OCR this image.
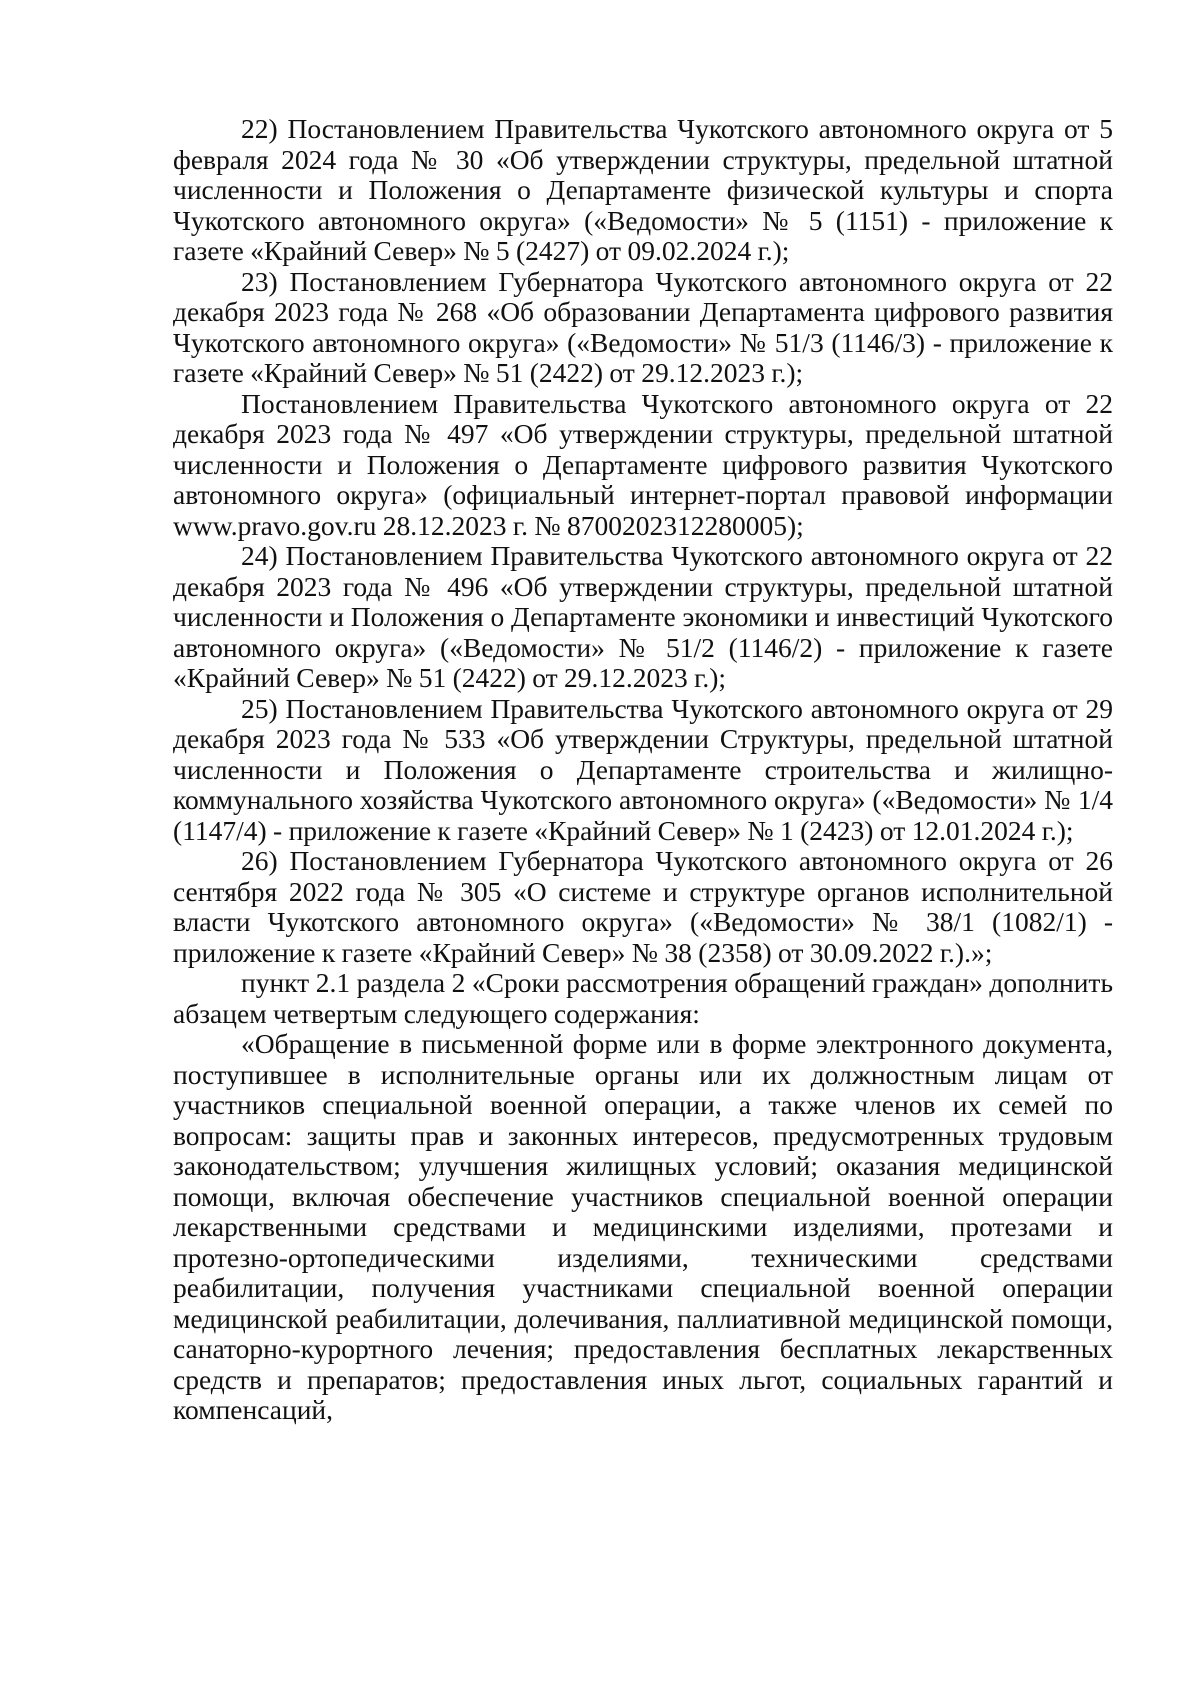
22) Постановлением Правительства Чукотского автономного округа от 5 февраля 2024 года № 30 «Об утверждении структуры, предельной штатной численности и Положения о Департаменте физической культуры и спорта Чукотского автономного округа» («Ведомости» № 5 (1151) - приложение к газете «Крайний Север» № 5 (2427) от 09.02.2024 г.);

23) Постановлением Губернатора Чукотского автономного округа от 22 декабря 2023 года № 268 «Об образовании Департамента цифрового развития Чукотского автономного округа» («Ведомости» № 51/3 (1146/3) - приложение к газете «Крайний Север» № 51 (2422) от 29.12.2023 г.);

Постановлением Правительства Чукотского автономного округа от 22 декабря 2023 года № 497 «Об утверждении структуры, предельной штатной численности и Положения о Департаменте цифрового развития Чукотского автономного округа» (официальный интернет-портал правовой информации www.pravo.gov.ru 28.12.2023 г. № 8700202312280005);

24) Постановлением Правительства Чукотского автономного округа от 22 декабря 2023 года № 496 «Об утверждении структуры, предельной штатной численности и Положения о Департаменте экономики и инвестиций Чукотского автономного округа» («Ведомости» № 51/2 (1146/2) - приложение к газете «Крайний Север» № 51 (2422) от 29.12.2023 г.);

25) Постановлением Правительства Чукотского автономного округа от 29 декабря 2023 года № 533 «Об утверждении Структуры, предельной штатной численности и Положения о Департаменте строительства и жилищно-коммунального хозяйства Чукотского автономного округа» («Ведомости» № 1/4 (1147/4) - приложение к газете «Крайний Север» № 1 (2423) от 12.01.2024 г.);

26) Постановлением Губернатора Чукотского автономного округа от 26 сентября 2022 года № 305 «О системе и структуре органов исполнительной власти Чукотского автономного округа» («Ведомости» № 38/1 (1082/1) - приложение к газете «Крайний Север» № 38 (2358) от 30.09.2022 г.).»;

пункт 2.1 раздела 2 «Сроки рассмотрения обращений граждан» дополнить абзацем четвертым следующего содержания:

«Обращение в письменной форме или в форме электронного документа, поступившее в исполнительные органы или их должностным лицам от участников специальной военной операции, а также членов их семей по вопросам: защиты прав и законных интересов, предусмотренных трудовым законодательством; улучшения жилищных условий; оказания медицинской помощи, включая обеспечение участников специальной военной операции лекарственными средствами и медицинскими изделиями, протезами и протезно-ортопедическими изделиями, техническими средствами реабилитации, получения участниками специальной военной операции медицинской реабилитации, долечивания, паллиативной медицинской помощи, санаторно-курортного лечения; предоставления бесплатных лекарственных средств и препаратов; предоставления иных льгот, социальных гарантий и компенсаций,
